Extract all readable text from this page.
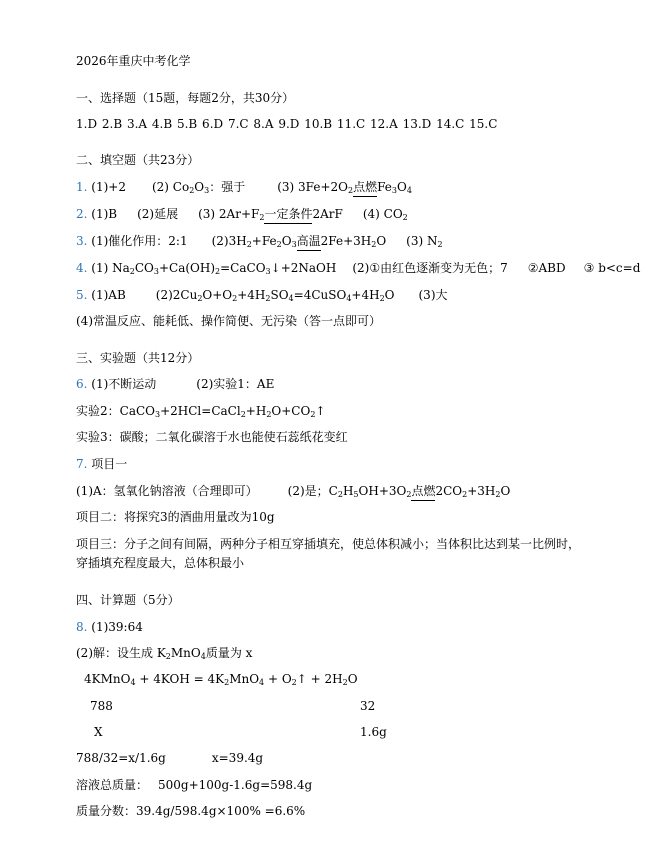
2026年重庆中考化学
一、选择题（15题，每题2分，共30分）
1.D 2.B 3.A 4.B 5.B 6.D 7.C 8.A 9.D 10.B 11.C 12.A 13.D 14.C 15.C
二、填空题（共23分）
1. (1)+2 (2) $Co_2O_3$：强于	(3) $3Fe+2O_2$点燃$Fe_3O_4$
2. (1)B (2)延展 (3) $2Ar+F_2$一定条件2ArF (4) $CO_2$
3. (1)催化作用：2:1 $(2)3H_2+Fe_2O_3$高温$2Fe+3H_2O$ (3) $N_2$
4. (1) $Na_2CO_3+Ca(OH)_2=CaCO_3↓+2NaOH$ (2)①由红色逐渐变为无色；7 ②ABD ③ b<c=d
5. (1)AB	$(2)2Cu_2O+O_2+4H_2SO_4=4CuSO_4+4H_2O$ (3)大
(4)常温反应、能耗低、操作简便、无污染（答一点即可）
三、实验题（共12分）
6. (1)不断运动	(2)实验1：AE
实验2：$CaCO_3+2HCl=CaCl_2+H_2O+CO_2↑$
实验3：碳酸；二氧化碳溶于水也能使石蕊纸花变红
7. 项目一
(1)A：氢氧化钠溶液（合理即可）	(2)是；$C_2H_5OH+3O_2$点燃$2CO_2+3H_2O$
项目二：将探究3的酒曲用量改为10g
项目三：分子之间有间隔，两种分子相互穿插填充，使总体积减小；当体积比达到某一比例时，
穿插填充程度最大，总体积最小
四、计算题（5分）
8. (1)39:64
(2)解：设生成 $K_2MnO_4$质量为 x
4KMnO$_4$ + $4KOH = 4K_2MnO_4$ + $O_2↑ + 2H_2O$
788	32
X	1.6g
788/32=x/1.6g	x=39.4g
溶液总质量： 500g+100g-1.6g=598.4g
质量分数：39.4g/598.4g×100% =6.6%
